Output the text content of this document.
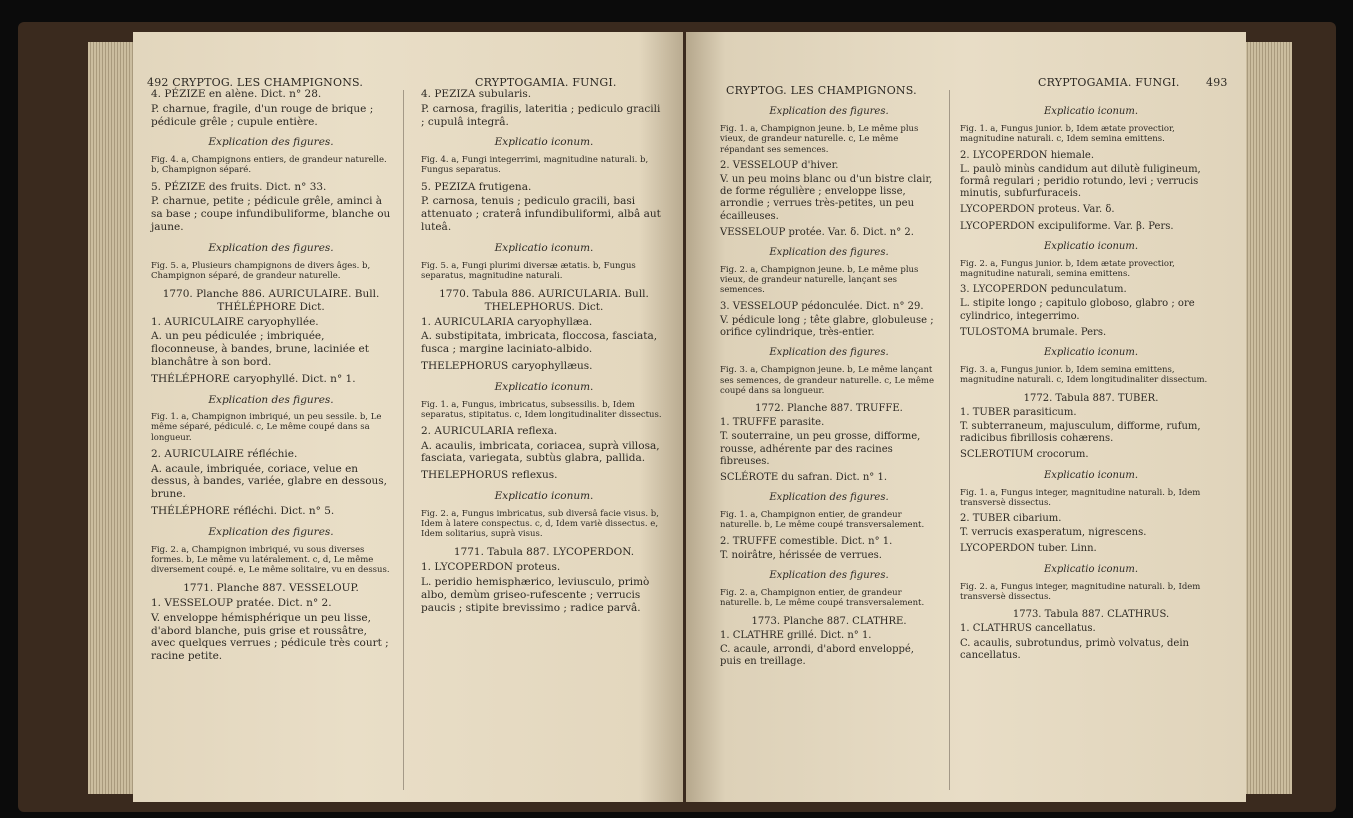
492 CRYPTOG. LES CHAMPIGNONS.	CRYPTOGAMIA. FUNGI.
4. PÉZIZE en alène. Dict. n° 28.
P. charnue, fragile, d'un rouge de brique ; pédicule grêle ; cupule entière.
Explication des figures.
Fig. 4. a, Champignons entiers, de grandeur naturelle. b, Champignon séparé.
5. PÉZIZE des fruits. Dict. n° 33.
P. charnue, petite ; pédicule grêle, aminci à sa base ; coupe infundibuliforme, blanche ou jaune.
Explication des figures.
Fig. 5. a, Plusieurs champignons de divers âges. b, Champignon séparé, de grandeur naturelle.
1770. Planche 886. AURICULAIRE. Bull. THÉLÉPHORE Dict.
1. AURICULAIRE caryophyllée.
A. un peu pédiculée ; imbriquée, floconneuse, à bandes, brune, laciniée et blanchâtre à son bord.
THÉLÉPHORE caryophyllé. Dict. n° 1.
Explication des figures.
Fig. 1. a, Champignon imbriqué, un peu sessile. b, Le même séparé, pédiculé. c, Le même coupé dans sa longueur.
2. AURICULAIRE réfléchie.
A. acaule, imbriquée, coriace, velue en dessus, à bandes, variée, glabre en dessous, brune.
THÉLÉPHORE réfléchi. Dict. n° 5.
Explication des figures.
Fig. 2. a, Champignon imbriqué, vu sous diverses formes. b, Le même vu latéralement. c, d, Le même diversement coupé. e, Le même solitaire, vu en dessus.
1771. Planche 887. VESSELOUP.
1. VESSELOUP pratée. Dict. n° 2.
V. enveloppe hémisphérique un peu lisse, d'abord blanche, puis grise et roussâtre, avec quelques verrues ; pédicule très court ; racine petite.
4. PEZIZA subularis.
P. carnosa, fragilis, lateritia ; pediculo gracili ; cupulâ integrâ.
Explicatio iconum.
Fig. 4. a, Fungi integerrimi, magnitudine naturali. b, Fungus separatus.
5. PEZIZA frutigena.
P. carnosa, tenuis ; pediculo gracili, basi attenuato ; craterâ infundibuliformi, albâ aut luteâ.
Explicatio iconum.
Fig. 5. a, Fungi plurimi diversæ ætatis. b, Fungus separatus, magnitudine naturali.
1770. Tabula 886. AURICULARIA. Bull. THELEPHORUS. Dict.
1. AURICULARIA caryophyllæa.
A. substipitata, imbricata, floccosa, fasciata, fusca ; margine laciniato-albido.
THELEPHORUS caryophyllæus.
Explicatio iconum.
Fig. 1. a, Fungus, imbricatus, subsessilis. b, Idem separatus, stipitatus. c, Idem longitudinaliter dissectus.
2. AURICULARIA reflexa.
A. acaulis, imbricata, coriacea, suprà villosa, fasciata, variegata, subtùs glabra, pallida.
THELEPHORUS reflexus.
Explicatio iconum.
Fig. 2. a, Fungus imbricatus, sub diversâ facie visus. b, Idem à latere conspectus. c, d, Idem variè dissectus. e, Idem solitarius, suprà visus.
1771. Tabula 887. LYCOPERDON.
1. LYCOPERDON proteus.
L. peridio hemisphærico, leviusculo, primò albo, demùm griseo-rufescente ; verrucis paucis ; stipite brevissimo ; radice parvâ.
CRYPTOG. LES CHAMPIGNONS.
CRYPTOGAMIA. FUNGI. 493
Explication des figures.
Fig. 1. a, Champignon jeune. b, Le même plus vieux, de grandeur naturelle. c, Le même répandant ses semences.
2. VESSELOUP d'hiver.
V. un peu moins blanc ou d'un bistre clair, de forme régulière ; enveloppe lisse, arrondie ; verrues très-petites, un peu écailleuses.
VESSELOUP protée. Var. δ. Dict. n° 2.
Explication des figures.
Fig. 2. a, Champignon jeune. b, Le même plus vieux, de grandeur naturelle, lançant ses semences.
3. VESSELOUP pédonculée. Dict. n° 29.
V. pédicule long ; tête glabre, globuleuse ; orifice cylindrique, très-entier.
Explication des figures.
Fig. 3. a, Champignon jeune. b, Le même lançant ses semences, de grandeur naturelle. c, Le même coupé dans sa longueur.
1772. Planche 887. TRUFFE.
1. TRUFFE parasite.
T. souterraine, un peu grosse, difforme, rousse, adhérente par des racines fibreuses.
SCLÉROTE du safran. Dict. n° 1.
Explication des figures.
Fig. 1. a, Champignon entier, de grandeur naturelle. b, Le même coupé transversalement.
2. TRUFFE comestible. Dict. n° 1.
T. noirâtre, hérissée de verrues.
Explication des figures.
Fig. 2. a, Champignon entier, de grandeur naturelle. b, Le même coupé transversalement.
1773. Planche 887. CLATHRE.
1. CLATHRE grillé. Dict. n° 1.
C. acaule, arrondi, d'abord enveloppé, puis en treillage.
Explicatio iconum.
Fig. 1. a, Fungus junior. b, Idem ætate provectior, magnitudine naturali. c, Idem semina emittens.
2. LYCOPERDON hiemale.
L. paulò minùs candidum aut dilutè fuligineum, formâ regulari ; peridio rotundo, levi ; verrucis minutis, subfurfuraceis.
LYCOPERDON proteus. Var. δ.
LYCOPERDON excipuliforme. Var. β. Pers.
Explicatio iconum.
Fig. 2. a, Fungus junior. b, Idem ætate provectior, magnitudine naturali, semina emittens.
3. LYCOPERDON pedunculatum.
L. stipite longo ; capitulo globoso, glabro ; ore cylindrico, integerrimo.
TULOSTOMA brumale. Pers.
Explicatio iconum.
Fig. 3. a, Fungus junior. b, Idem semina emittens, magnitudine naturali. c, Idem longitudinaliter dissectum.
1772. Tabula 887. TUBER.
1. TUBER parasiticum.
T. subterraneum, majusculum, difforme, rufum, radicibus fibrillosis cohærens.
SCLEROTIUM crocorum.
Explicatio iconum.
Fig. 1. a, Fungus integer, magnitudine naturali. b, Idem transversè dissectus.
2. TUBER cibarium.
T. verrucis exasperatum, nigrescens.
LYCOPERDON tuber. Linn.
Explicatio iconum.
Fig. 2. a, Fungus integer, magnitudine naturali. b, Idem transversè dissectus.
1773. Tabula 887. CLATHRUS.
1. CLATHRUS cancellatus.
C. acaulis, subrotundus, primò volvatus, dein cancellatus.
